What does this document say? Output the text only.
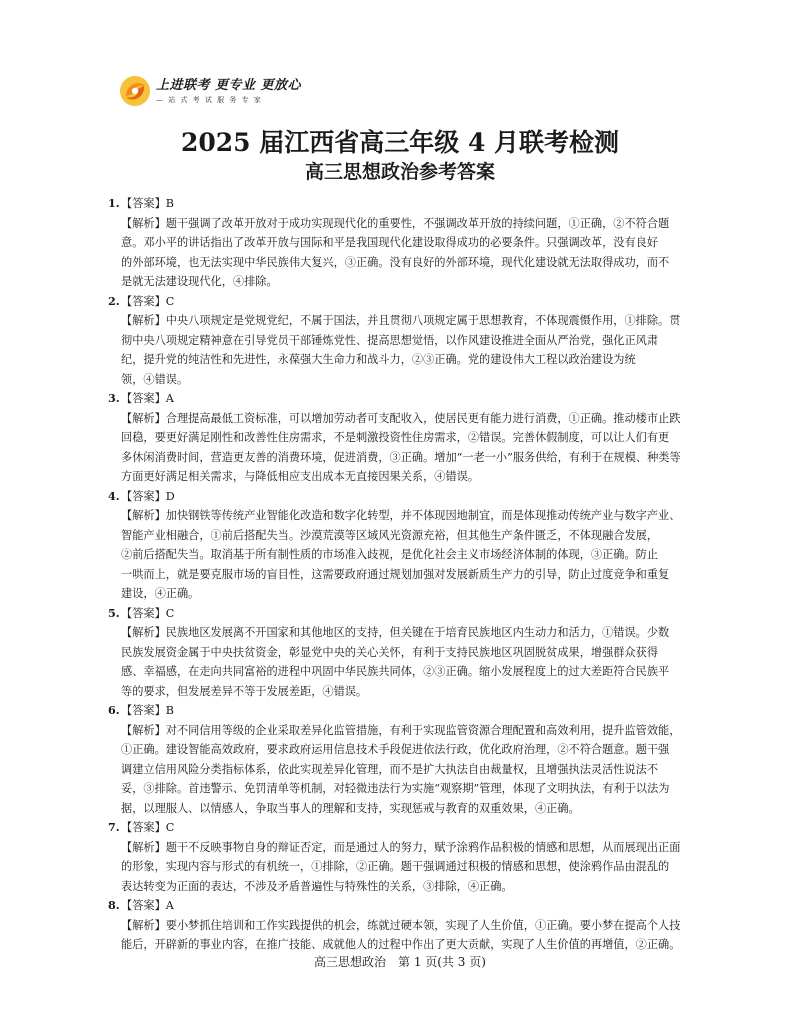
上进联考 更专业 更放心
— 站 式 考 试 服 务 专 家
2025 届江西省高三年级 4 月联考检测
高三思想政治参考答案
1. 【答案】B
【解析】题干强调了改革开放对于成功实现现代化的重要性，不强调改革开放的持续问题，①正确，②不符合题
意。邓小平的讲话指出了改革开放与国际和平是我国现代化建设取得成功的必要条件。只强调改革，没有良好
的外部环境，也无法实现中华民族伟大复兴，③正确。没有良好的外部环境，现代化建设就无法取得成功，而不
是就无法建设现代化，④排除。
2. 【答案】C
【解析】中央八项规定是党规党纪，不属于国法，并且贯彻八项规定属于思想教育，不体现震慑作用，①排除。贯
彻中央八项规定精神意在引导党员干部锤炼党性、提高思想觉悟，以作风建设推进全面从严治党，强化正风肃
纪，提升党的纯洁性和先进性，永葆强大生命力和战斗力，②③正确。党的建设伟大工程以政治建设为统
领，④错误。
3. 【答案】A
【解析】合理提高最低工资标准，可以增加劳动者可支配收入，使居民更有能力进行消费，①正确。推动楼市止跌
回稳，要更好满足刚性和改善性住房需求，不是刺激投资性住房需求，②错误。完善休假制度，可以让人们有更
多休闲消费时间，营造更友善的消费环境，促进消费，③正确。增加“一老一小”服务供给，有利于在规模、种类等
方面更好满足相关需求，与降低相应支出成本无直接因果关系，④错误。
4. 【答案】D
【解析】加快钢铁等传统产业智能化改造和数字化转型，并不体现因地制宜，而是体现推动传统产业与数字产业、
智能产业相融合，①前后搭配失当。沙漠荒漠等区域风光资源充裕，但其他生产条件匮乏，不体现融合发展，
②前后搭配失当。取消基于所有制性质的市场准入歧视，是优化社会主义市场经济体制的体现，③正确。防止
一哄而上，就是要克服市场的盲目性，这需要政府通过规划加强对发展新质生产力的引导，防止过度竞争和重复
建设，④正确。
5. 【答案】C
【解析】民族地区发展离不开国家和其他地区的支持，但关键在于培育民族地区内生动力和活力，①错误。少数
民族发展资金属于中央扶贫资金，彰显党中央的关心关怀，有利于支持民族地区巩固脱贫成果，增强群众获得
感、幸福感，在走向共同富裕的进程中巩固中华民族共同体，②③正确。缩小发展程度上的过大差距符合民族平
等的要求，但发展差异不等于发展差距，④错误。
6. 【答案】B
【解析】对不同信用等级的企业采取差异化监管措施，有利于实现监管资源合理配置和高效利用，提升监管效能，
①正确。建设智能高效政府，要求政府运用信息技术手段促进依法行政，优化政府治理，②不符合题意。题干强
调建立信用风险分类指标体系，依此实现差异化管理，而不是扩大执法自由裁量权，且增强执法灵活性说法不
妥，③排除。首违警示、免罚清单等机制，对轻微违法行为实施“观察期”管理，体现了文明执法，有利于以法为
据，以理服人、以情感人，争取当事人的理解和支持，实现惩戒与教育的双重效果，④正确。
7. 【答案】C
【解析】题干不反映事物自身的辩证否定，而是通过人的努力，赋予涂鸦作品积极的情感和思想，从而展现出正面
的形象，实现内容与形式的有机统一，①排除，②正确。题干强调通过积极的情感和思想，使涂鸦作品由混乱的
表达转变为正面的表达，不涉及矛盾普遍性与特殊性的关系，③排除，④正确。
8. 【答案】A
【解析】要小梦抓住培训和工作实践提供的机会，练就过硬本领，实现了人生价值，①正确。要小梦在提高个人技
能后，开辟新的事业内容，在推广技能、成就他人的过程中作出了更大贡献，实现了人生价值的再增值，②正确。
高三思想政治　第 1 页(共 3 页)
